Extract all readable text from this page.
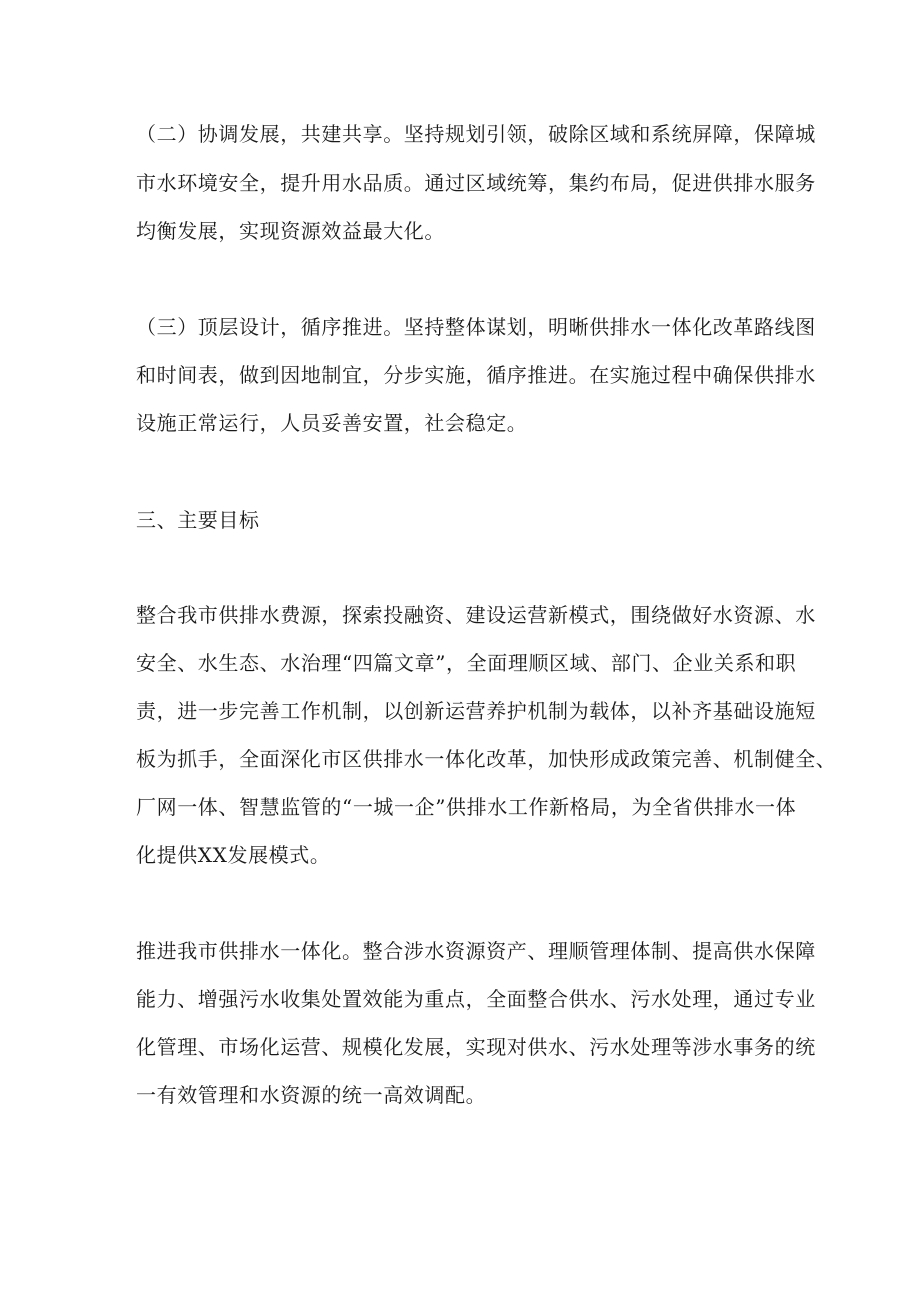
（二）协调发展，共建共享。坚持规划引领，破除区域和系统屏障，保障城
市水环境安全，提升用水品质。通过区域统筹，集约布局，促进供排水服务
均衡发展，实现资源效益最大化。
（三）顶层设计，循序推进。坚持整体谋划，明晰供排水一体化改革路线图
和时间表，做到因地制宜，分步实施，循序推进。在实施过程中确保供排水
设施正常运行，人员妥善安置，社会稳定。
三、主要目标
整合我市供排水费源，探索投融资、建设运营新模式，围绕做好水资源、水
安全、水生态、水治理“四篇文章”，全面理顺区域、部门、企业关系和职
责，进一步完善工作机制，以创新运营养护机制为载体，以补齐基础设施短
板为抓手，全面深化市区供排水一体化改革，加快形成政策完善、机制健全、
厂网一体、智慧监管的“一城一企”供排水工作新格局，为全省供排水一体
化提供XX发展模式。
推进我市供排水一体化。整合涉水资源资产、理顺管理体制、提高供水保障
能力、增强污水收集处置效能为重点，全面整合供水、污水处理，通过专业
化管理、市场化运营、规模化发展，实现对供水、污水处理等涉水事务的统
一有效管理和水资源的统一高效调配。
